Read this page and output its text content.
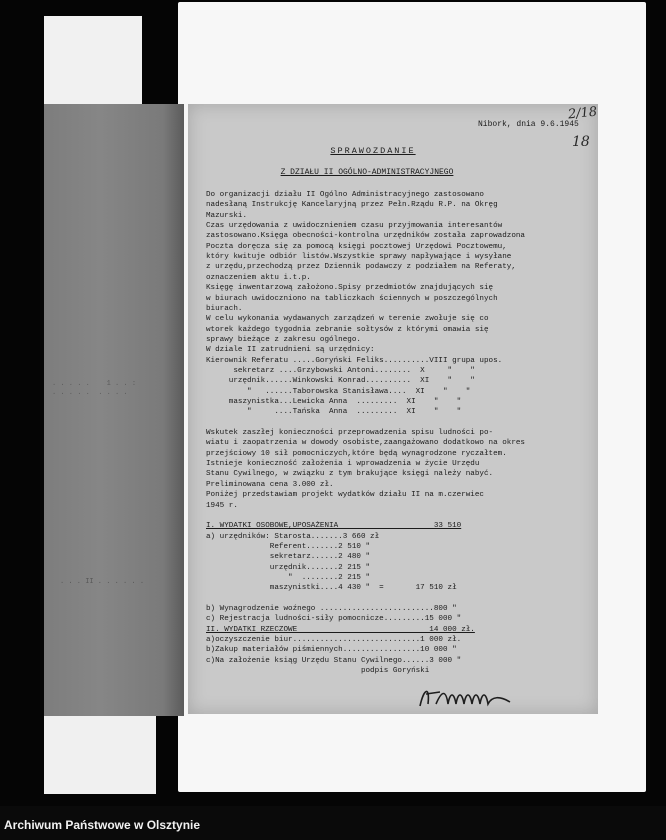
. . . . .    1 . . :
. . . . .  . . . .
. . . II . . . . . .
2/18
18
Nibork, dnia 9.6.1945
SPRAWOZDANIE
Z DZIAŁU II OGÓLNO-ADMINISTRACYJNEGO
Do organizacji działu II Ogólno Administracyjnego zastosowano
nadesłaną Instrukcję Kancelaryjną przez Pełn.Rządu R.P. na Okręg
Mazurski.
Czas urzędowania z uwidocznieniem czasu przyjmowania interesantów
zastosowano.Księga obecności-kontrolna urzędników została zaprowadzona
Poczta doręcza się za pomocą księgi pocztowej Urzędowi Pocztowemu,
który kwituje odbiór listów.Wszystkie sprawy napływające i wysyłane
z urzędu,przechodzą przez Dziennik podawczy z podziałem na Referaty,
oznaczeniem aktu i.t.p.
Księgę inwentarzową założono.Spisy przedmiotów znajdujących się
w biurach uwidoczniono na tabliczkach ściennych w poszczególnych
biurach.
W celu wykonania wydawanych zarządzeń w terenie zwołuje się co
wtorek każdego tygodnia zebranie sołtysów z którymi omawia się
sprawy bieżące z zakresu ogólnego.
W dziale II zatrudnieni są urzędnicy:
Kierownik Referatu .....Goryński Feliks..........VIII grupa upos.
sekretarz ....Grzybowski Antoni........  X     "    "
urzędnik......Winkowski Konrad..........  XI    "    "
"   ......Taborowska Stanisława....  XI    "    "
maszynistka...Lewicka Anna  .........  XI    "    "
"     ....Tańska  Anna  .........  XI    "    "
Wskutek zaszłej konieczności przeprowadzenia spisu ludności po-
wiatu i zaopatrzenia w dowody osobiste,zaangażowano dodatkowo na okres
przejściowy 10 sił pomocniczych,które będą wynagrodzone ryczałtem.
Istnieje konieczność założenia i wprowadzenia w życie Urzędu
Stanu Cywilnego, w związku z tym brakujące księgi należy nabyć.
Preliminowana cena 3.000 zł.
Poniżej przedstawiam projekt wydatków działu II na m.czerwiec
1945 r.
I. WYDATKI OSOBOWE,UPOSAŻENIA                     33 510
a) urzędników: Starosta.......3 660 zł
Referent.......2 510 "
sekretarz......2 480 "
urzędnik.......2 215 "
"  ........2 215 "
maszynistki....4 430 "  =       17 510 zł
b) Wynagrodzenie woźnego .........................800 "
c) Rejestracja ludności-siły pomocnicze.........15 000 "
II. WYDATKI RZECZOWE                             14 000 zł.
a)oczyszczenie biur............................1 000 zł.
b)Zakup materiałów piśmiennych.................10 000 "
c)Na założenie ksiąg Urzędu Stanu Cywilnego......3 000 "
podpis Goryński
Archiwum Państwowe w Olsztynie
